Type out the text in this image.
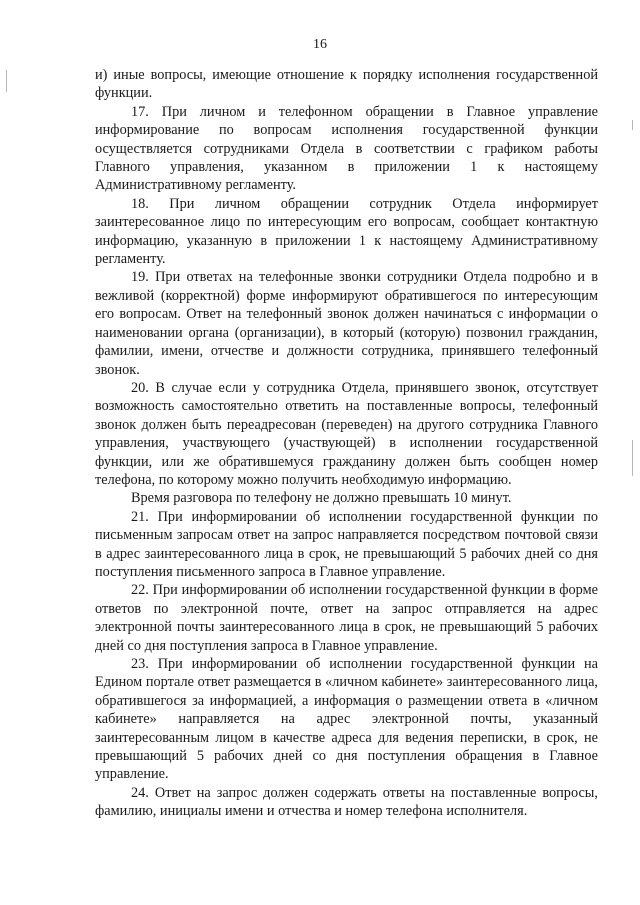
16

и) иные вопросы, имеющие отношение к порядку исполнения государственной функции.

17. При личном и телефонном обращении в Главное управление информирование по вопросам исполнения государственной функции осуществляется сотрудниками Отдела в соответствии с графиком работы Главного управления, указанном в приложении 1 к настоящему Административному регламенту.

18. При личном обращении сотрудник Отдела информирует заинтересованное лицо по интересующим его вопросам, сообщает контактную информацию, указанную в приложении 1 к настоящему Административному регламенту.

19. При ответах на телефонные звонки сотрудники Отдела подробно и в вежливой (корректной) форме информируют обратившегося по интересующим его вопросам. Ответ на телефонный звонок должен начинаться с информации о наименовании органа (организации), в который (которую) позвонил гражданин, фамилии, имени, отчестве и должности сотрудника, принявшего телефонный звонок.

20. В случае если у сотрудника Отдела, принявшего звонок, отсутствует возможность самостоятельно ответить на поставленные вопросы, телефонный звонок должен быть переадресован (переведен) на другого сотрудника Главного управления, участвующего (участвующей) в исполнении государственной функции, или же обратившемуся гражданину должен быть сообщен номер телефона, по которому можно получить необходимую информацию.

Время разговора по телефону не должно превышать 10 минут.

21. При информировании об исполнении государственной функции по письменным запросам ответ на запрос направляется посредством почтовой связи в адрес заинтересованного лица в срок, не превышающий 5 рабочих дней со дня поступления письменного запроса в Главное управление.

22. При информировании об исполнении государственной функции в форме ответов по электронной почте, ответ на запрос отправляется на адрес электронной почты заинтересованного лица в срок, не превышающий 5 рабочих дней со дня поступления запроса в Главное управление.

23. При информировании об исполнении государственной функции на Едином портале ответ размещается в «личном кабинете» заинтересованного лица, обратившегося за информацией, а информация о размещении ответа в «личном кабинете» направляется на адрес электронной почты, указанный заинтересованным лицом в качестве адреса для ведения переписки, в срок, не превышающий 5 рабочих дней со дня поступления обращения в Главное управление.

24. Ответ на запрос должен содержать ответы на поставленные вопросы, фамилию, инициалы имени и отчества и номер телефона исполнителя.
